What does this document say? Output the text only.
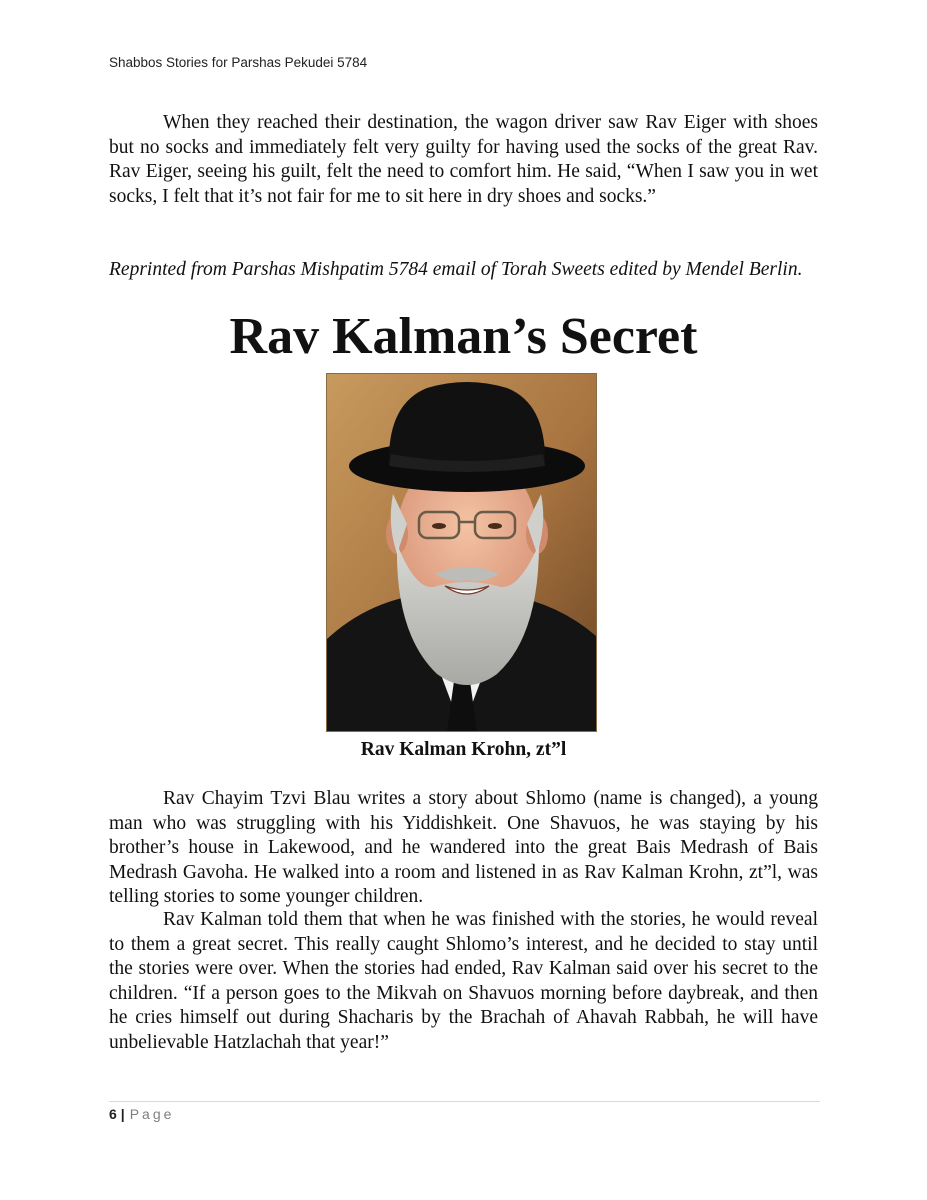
Shabbos Stories for Parshas Pekudei 5784

When they reached their destination, the wagon driver saw Rav Eiger with shoes but no socks and immediately felt very guilty for having used the socks of the great Rav. Rav Eiger, seeing his guilt, felt the need to comfort him. He said, “When I saw you in wet socks, I felt that it’s not fair for me to sit here in dry shoes and socks.”

Reprinted from Parshas Mishpatim 5784 email of Torah Sweets edited by Mendel Berlin.

Rav Kalman’s Secret
Rav Kalman Krohn, zt”l

Rav Chayim Tzvi Blau writes a story about Shlomo (name is changed), a young man who was struggling with his Yiddishkeit. One Shavuos, he was staying by his brother’s house in Lakewood, and he wandered into the great Bais Medrash of Bais Medrash Gavoha. He walked into a room and listened in as Rav Kalman Krohn, zt”l, was telling stories to some younger children.

Rav Kalman told them that when he was finished with the stories, he would reveal to them a great secret. This really caught Shlomo’s interest, and he decided to stay until the stories were over. When the stories had ended, Rav Kalman said over his secret to the children. “If a person goes to the Mikvah on Shavuos morning before daybreak, and then he cries himself out during Shacharis by the Brachah of Ahavah Rabbah, he will have unbelievable Hatzlachah that year!”

6 | Page
